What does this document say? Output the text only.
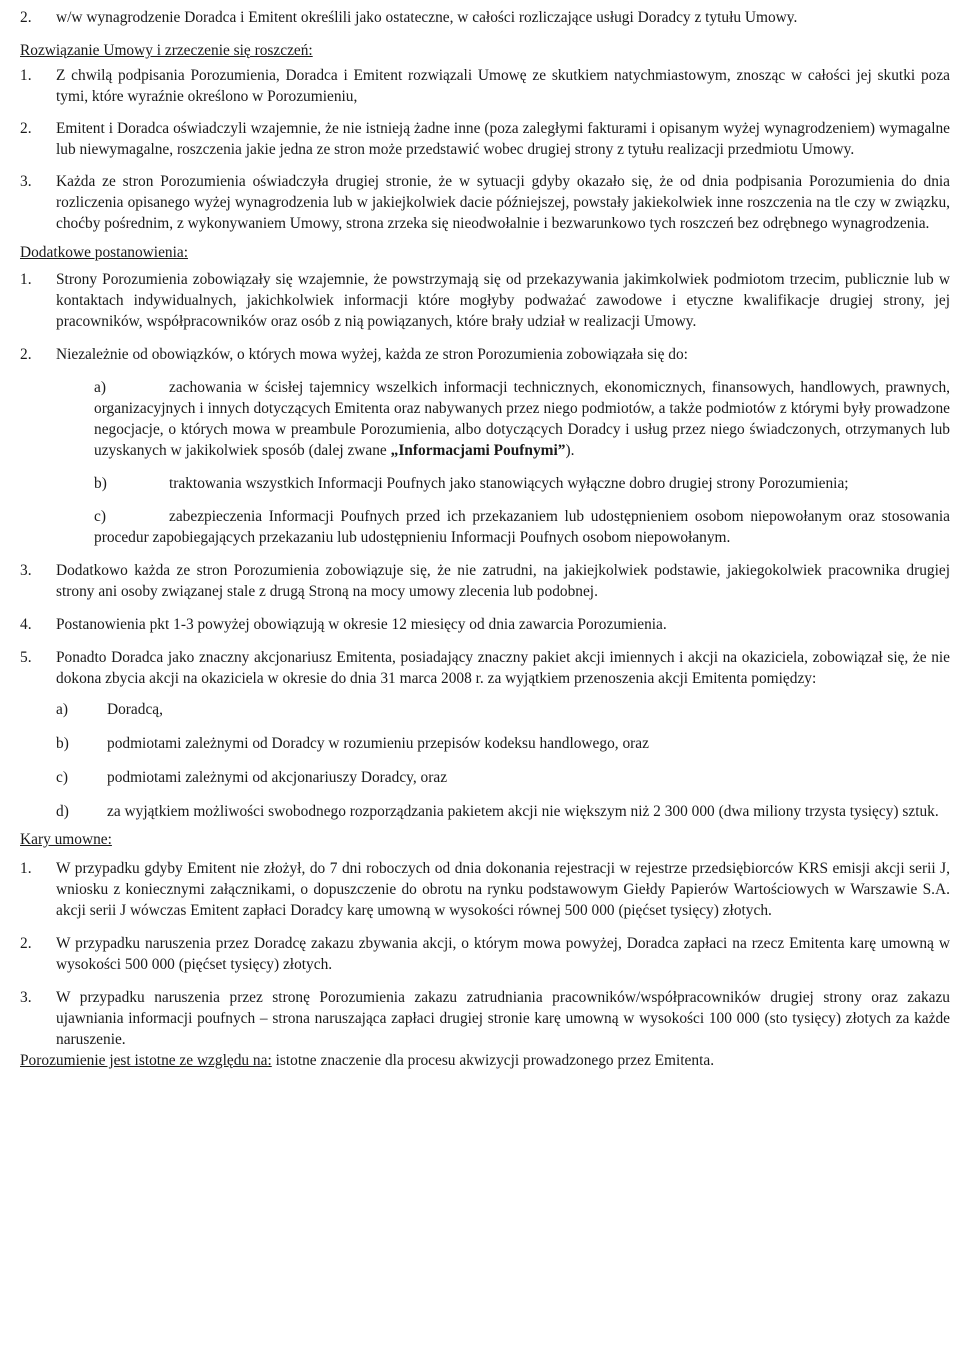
2. w/w wynagrodzenie Doradca i Emitent określili jako ostateczne, w całości rozliczające usługi Doradcy z tytułu Umowy.
Rozwiązanie Umowy i zrzeczenie się roszczeń:
1. Z chwilą podpisania Porozumienia, Doradca i Emitent rozwiązali Umowę ze skutkiem natychmiastowym, znosząc w całości jej skutki poza tymi, które wyraźnie określono w Porozumieniu,
2. Emitent i Doradca oświadczyli wzajemnie, że nie istnieją żadne inne (poza zaległymi fakturami i opisanym wyżej wynagrodzeniem) wymagalne lub niewymagalne, roszczenia jakie jedna ze stron może przedstawić wobec drugiej strony z tytułu realizacji przedmiotu Umowy.
3. Każda ze stron Porozumienia oświadczyła drugiej stronie, że w sytuacji gdyby okazało się, że od dnia podpisania Porozumienia do dnia rozliczenia opisanego wyżej wynagrodzenia lub w jakiejkolwiek dacie późniejszej, powstały jakiekolwiek inne roszczenia na tle czy w związku, choćby pośrednim, z wykonywaniem Umowy, strona zrzeka się nieodwołalnie i bezwarunkowo tych roszczeń bez odrębnego wynagrodzenia.
Dodatkowe postanowienia:
1. Strony Porozumienia zobowiązały się wzajemnie, że powstrzymają się od przekazywania jakimkolwiek podmiotom trzecim, publicznie lub w kontaktach indywidualnych, jakichkolwiek informacji które mogłyby podważać zawodowe i etyczne kwalifikacje drugiej strony, jej pracowników, współpracowników oraz osób z nią powiązanych, które brały udział w realizacji Umowy.
2. Niezależnie od obowiązków, o których mowa wyżej, każda ze stron Porozumienia zobowiązała się do:
a)	zachowania w ścisłej tajemnicy wszelkich informacji technicznych, ekonomicznych, finansowych, handlowych, prawnych, organizacyjnych i innych dotyczących Emitenta oraz nabywanych przez niego podmiotów, a także podmiotów z którymi były prowadzone negocjacje, o których mowa w preambule Porozumienia, albo dotyczących Doradcy i usług przez niego świadczonych, otrzymanych lub uzyskanych w jakikolwiek sposób (dalej zwane „Informacjami Poufnymi”).
b)	traktowania wszystkich Informacji Poufnych jako stanowiących wyłączne dobro drugiej strony Porozumienia;
c)	zabezpieczenia Informacji Poufnych przed ich przekazaniem lub udostępnieniem osobom niepowołanym oraz stosowania procedur zapobiegających przekazaniu lub udostępnieniu Informacji Poufnych osobom niepowołanym.
3. Dodatkowo każda ze stron Porozumienia zobowiązuje się, że nie zatrudni, na jakiejkolwiek podstawie, jakiegokolwiek pracownika drugiej strony ani osoby związanej stale z drugą Stroną na mocy umowy zlecenia lub podobnej.
4. Postanowienia pkt 1-3 powyżej obowiązują w okresie 12 miesięcy od dnia zawarcia Porozumienia.
5. Ponadto Doradca jako znaczny akcjonariusz Emitenta, posiadający znaczny pakiet akcji imiennych i akcji na okaziciela, zobowiązał się, że nie dokona zbycia akcji na okaziciela w okresie do dnia 31 marca 2008 r. za wyjątkiem przenoszenia akcji Emitenta pomiędzy:
a)	Doradcą,
b) podmiotami zależnymi od Doradcy w rozumieniu przepisów kodeksu handlowego, oraz
c)	podmiotami zależnymi od akcjonariuszy Doradcy, oraz
d) za wyjątkiem możliwości swobodnego rozporządzania pakietem akcji nie większym niż 2 300 000 (dwa miliony trzysta tysięcy) sztuk.
Kary umowne:
1. W przypadku gdyby Emitent nie złożył, do 7 dni roboczych od dnia dokonania rejestracji w rejestrze przedsiębiorców KRS emisji akcji serii J, wniosku z koniecznymi załącznikami, o dopuszczenie do obrotu na rynku podstawowym Giełdy Papierów Wartościowych w Warszawie S.A. akcji serii J wówczas Emitent zapłaci Doradcy karę umowną w wysokości równej 500 000 (pięćset tysięcy) złotych.
2. W przypadku naruszenia przez Doradcę zakazu zbywania akcji, o którym mowa powyżej, Doradca zapłaci na rzecz Emitenta karę umowną w wysokości 500 000 (pięćset tysięcy) złotych.
3. W przypadku naruszenia przez stronę Porozumienia zakazu zatrudniania pracowników/współpracowników drugiej strony oraz zakazu ujawniania informacji poufnych – strona naruszająca zapłaci drugiej stronie karę umowną w wysokości 100 000 (sto tysięcy) złotych za każde naruszenie.
Porozumienie jest istotne ze względu na: istotne znaczenie dla procesu akwizycji prowadzonego przez Emitenta.
